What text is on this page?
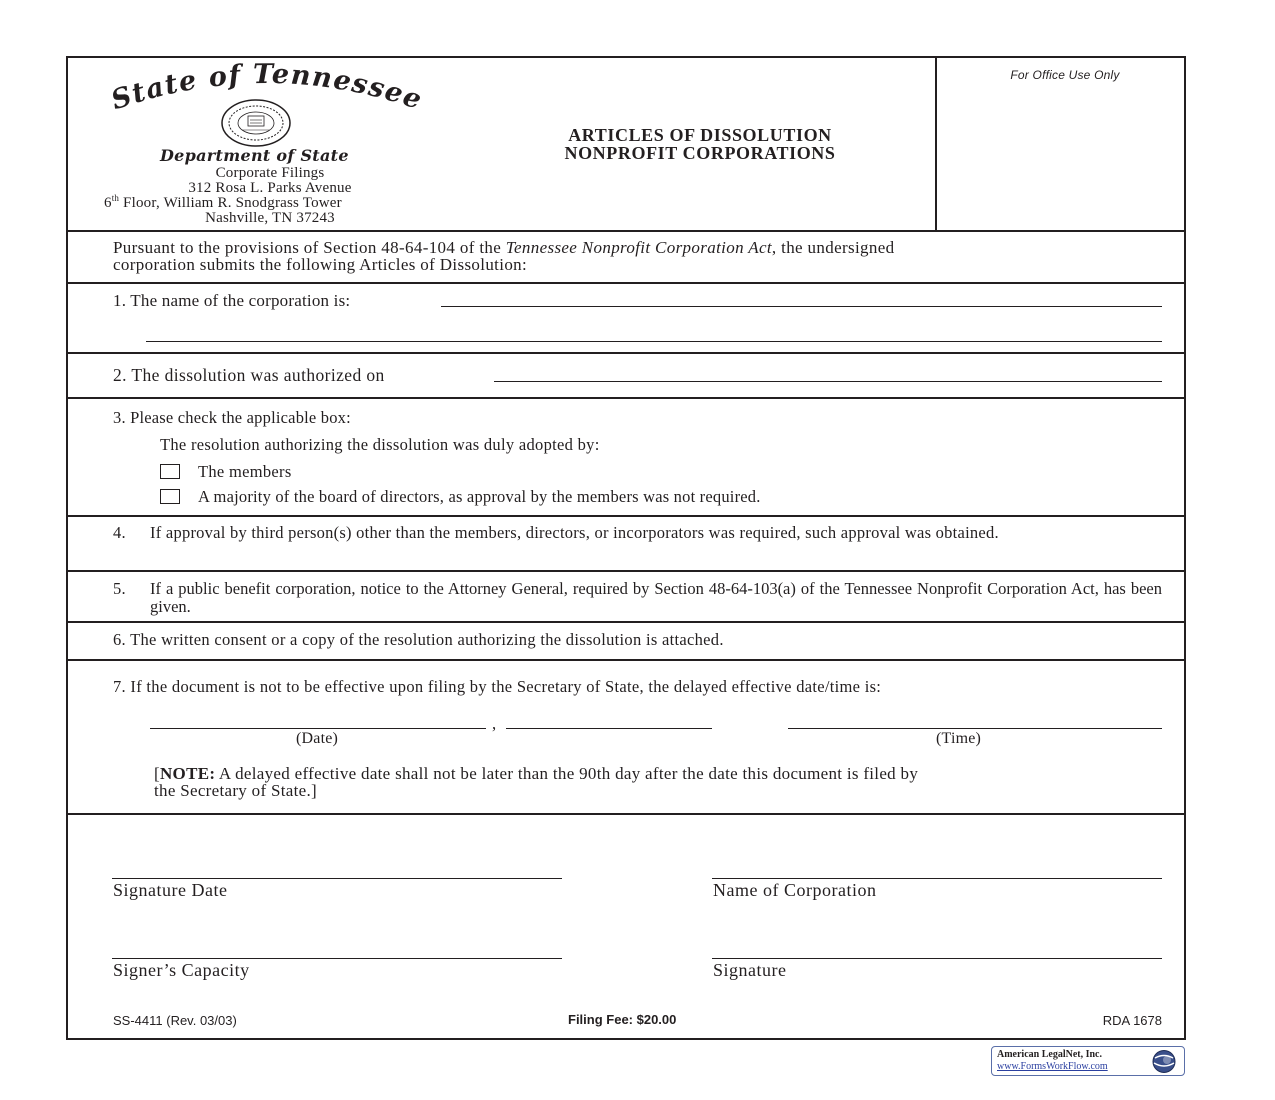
tate of Tennesse
Department of State
Corporate Filings
312 Rosa L. Parks Avenue
6th Floor, William R. Snodgrass Tower
Nashville, TN 37243
ARTICLES OF DISSOLUTION
NONPROFIT CORPORATIONS
For Office Use Only
Pursuant to the provisions of Section 48-64-104 of the Tennessee Nonprofit Corporation Act, the undersigned
corporation submits the following Articles of Dissolution:
1. The name of the corporation is:
2. The dissolution was authorized on
3. Please check the applicable box:
The resolution authorizing the dissolution was duly adopted by:
The members
A majority of the board of directors, as approval by the members was not required.
4. If approval by third person(s) other than the members, directors, or incorporators was required, such approval was obtained.
5. If a public benefit corporation, notice to the Attorney General, required by Section 48-64-103(a) of the Tennessee Nonprofit Corporation Act, has been given.
6. The written consent or a copy of the resolution authorizing the dissolution is attached.
7. If the document is not to be effective upon filing by the Secretary of State, the delayed effective date/time is:
,
(Date)	(Time)
[NOTE: A delayed effective date shall not be later than the 90th day after the date this document is filed by
the Secretary of State.]
Signature Date	Name of Corporation
Signer’s Capacity	Signature
SS-4411 (Rev. 03/03)	Filing Fee: $20.00	RDA 1678
American LegalNet, Inc.
www.FormsWorkFlow.com
